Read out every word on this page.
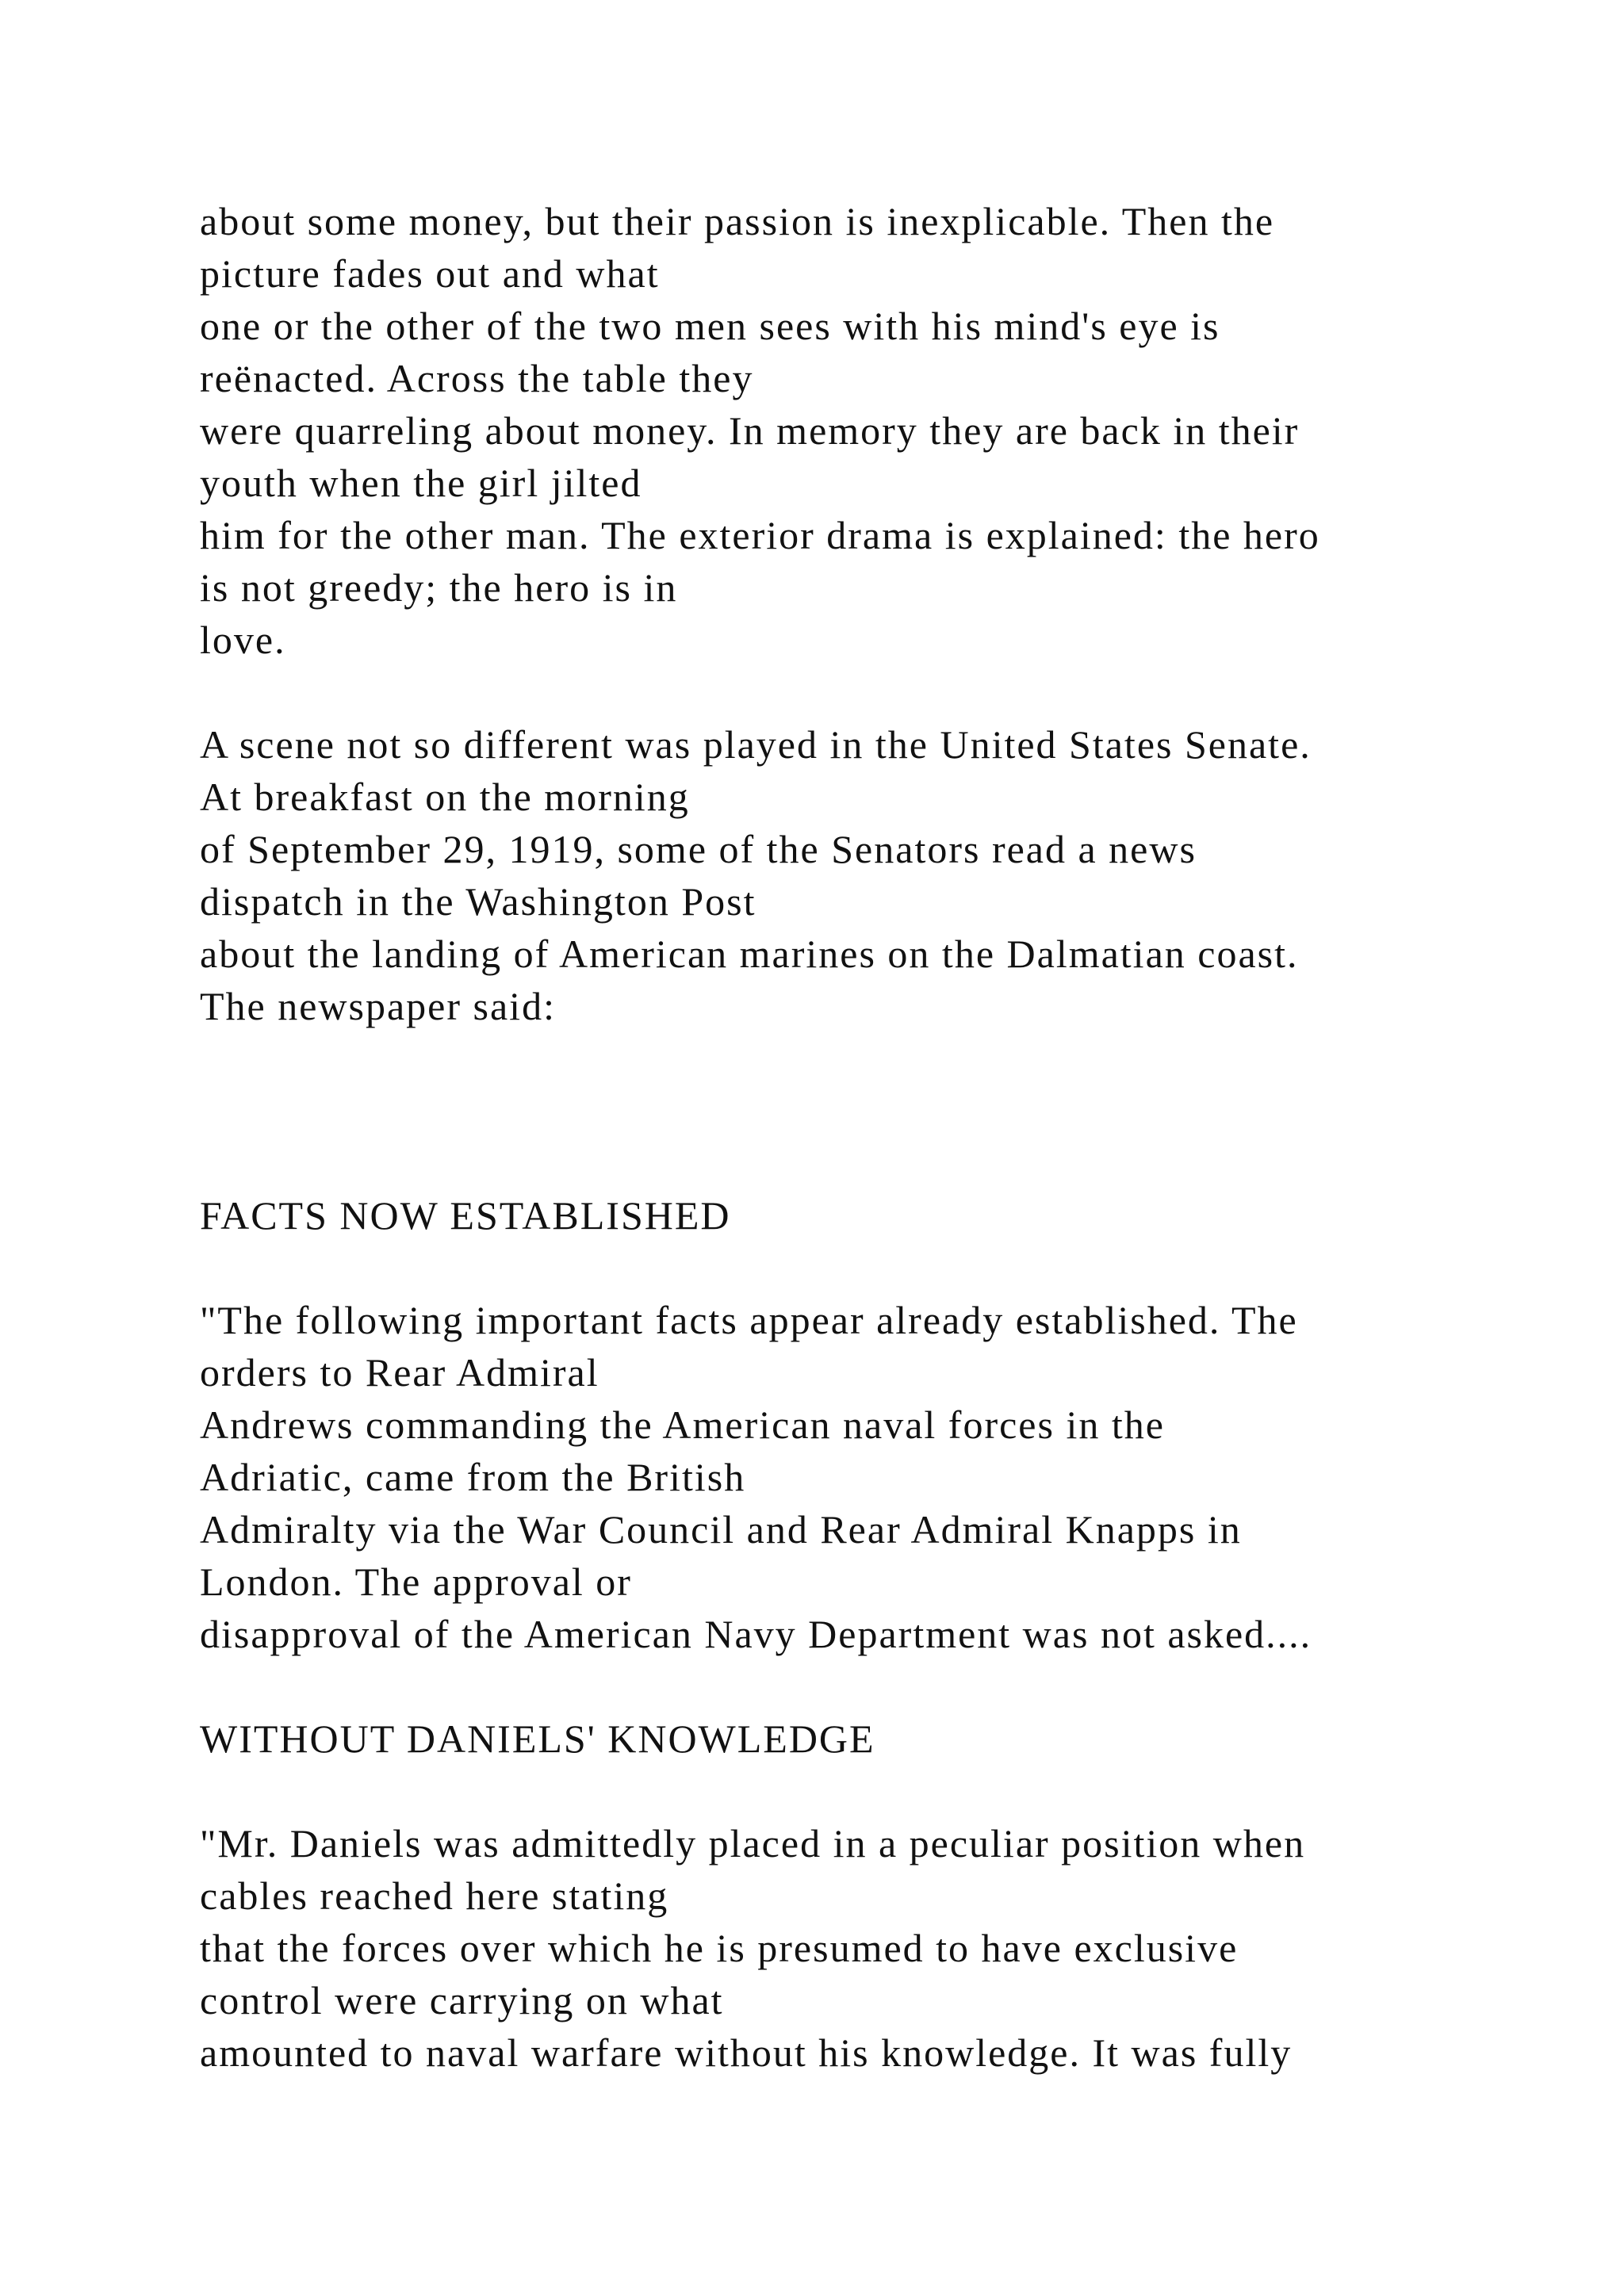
about some money, but their passion is inexplicable. Then the
picture fades out and what
one or the other of the two men sees with his mind's eye is
reënacted. Across the table they
were quarreling about money. In memory they are back in their
youth when the girl jilted
him for the other man. The exterior drama is explained: the hero
is not greedy; the hero is in
love.
A scene not so different was played in the United States Senate.
At breakfast on the morning
of September 29, 1919, some of the Senators read a news
dispatch in the Washington Post
about the landing of American marines on the Dalmatian coast.
The newspaper said:
FACTS NOW ESTABLISHED
"The following important facts appear already established. The
orders to Rear Admiral
Andrews commanding the American naval forces in the
Adriatic, came from the British
Admiralty via the War Council and Rear Admiral Knapps in
London. The approval or
disapproval of the American Navy Department was not asked....
WITHOUT DANIELS' KNOWLEDGE
"Mr. Daniels was admittedly placed in a peculiar position when
cables reached here stating
that the forces over which he is presumed to have exclusive
control were carrying on what
amounted to naval warfare without his knowledge. It was fully
